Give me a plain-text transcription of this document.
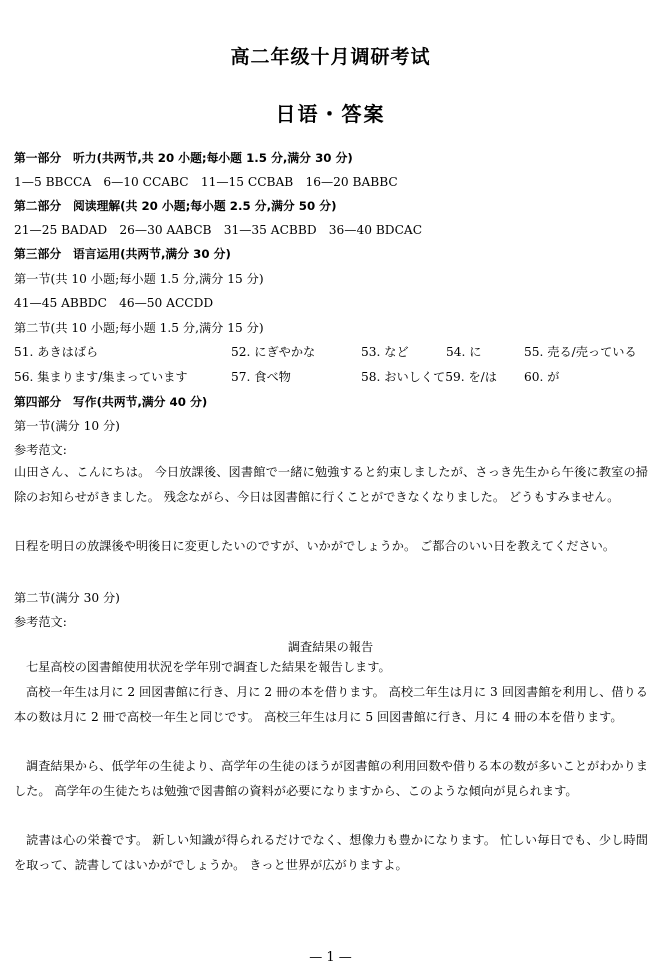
高二年级十月调研考试
日语・答案
第一部分　听力(共两节,共 20 小题;每小题 1.5 分,满分 30 分)
1—5 BBCCA　6—10 CCABC　11—15 CCBAB　16—20 BABBC
第二部分　阅读理解(共 20 小题;每小题 2.5 分,满分 50 分)
21—25 BADAD　26—30 AABCB　31—35 ACBBD　36—40 BDCAC
第三部分　语言运用(共两节,满分 30 分)
第一节(共 10 小题;每小题 1.5 分,满分 15 分)
41—45 ABBDC　46—50 ACCDD
第二节(共 10 小题;每小题 1.5 分,满分 15 分)
51. あきはばら	52. にぎやかな	53. など	54. に	55. 売る/売っている
56. 集まります/集まっています	57. 食べ物	58. おいしくて59. を/は 60. が
第四部分　写作(共两节,满分 40 分)
第一节(满分 10 分)
参考范文:
山田さん、こんにちは。 今日放課後、図書館で一緒に勉強すると約束しましたが、さっき先生から午後に教室の掃除のお知らせがきました。 残念ながら、今日は図書館に行くことができなくなりました。 どうもすみません。
日程を明日の放課後や明後日に変更したいのですが、いかがでしょうか。 ご都合のいい日を教えてください。
第二节(满分 30 分)
参考范文:
調査結果の報告
七星高校の図書館使用状況を学年別で調査した結果を報告します。
高校一年生は月に 2 回図書館に行き、月に 2 冊の本を借ります。 高校二年生は月に 3 回図書館を利用し、借りる本の数は月に 2 冊で高校一年生と同じです。 高校三年生は月に 5 回図書館に行き、月に 4 冊の本を借ります。
調査結果から、低学年の生徒より、高学年の生徒のほうが図書館の利用回数や借りる本の数が多いことがわかりました。 高学年の生徒たちは勉強で図書館の資料が必要になりますから、このような傾向が見られます。
読書は心の栄養です。 新しい知識が得られるだけでなく、想像力も豊かになります。 忙しい毎日でも、少し時間を取って、読書してはいかがでしょうか。 きっと世界が広がりますよ。
— 1 —
